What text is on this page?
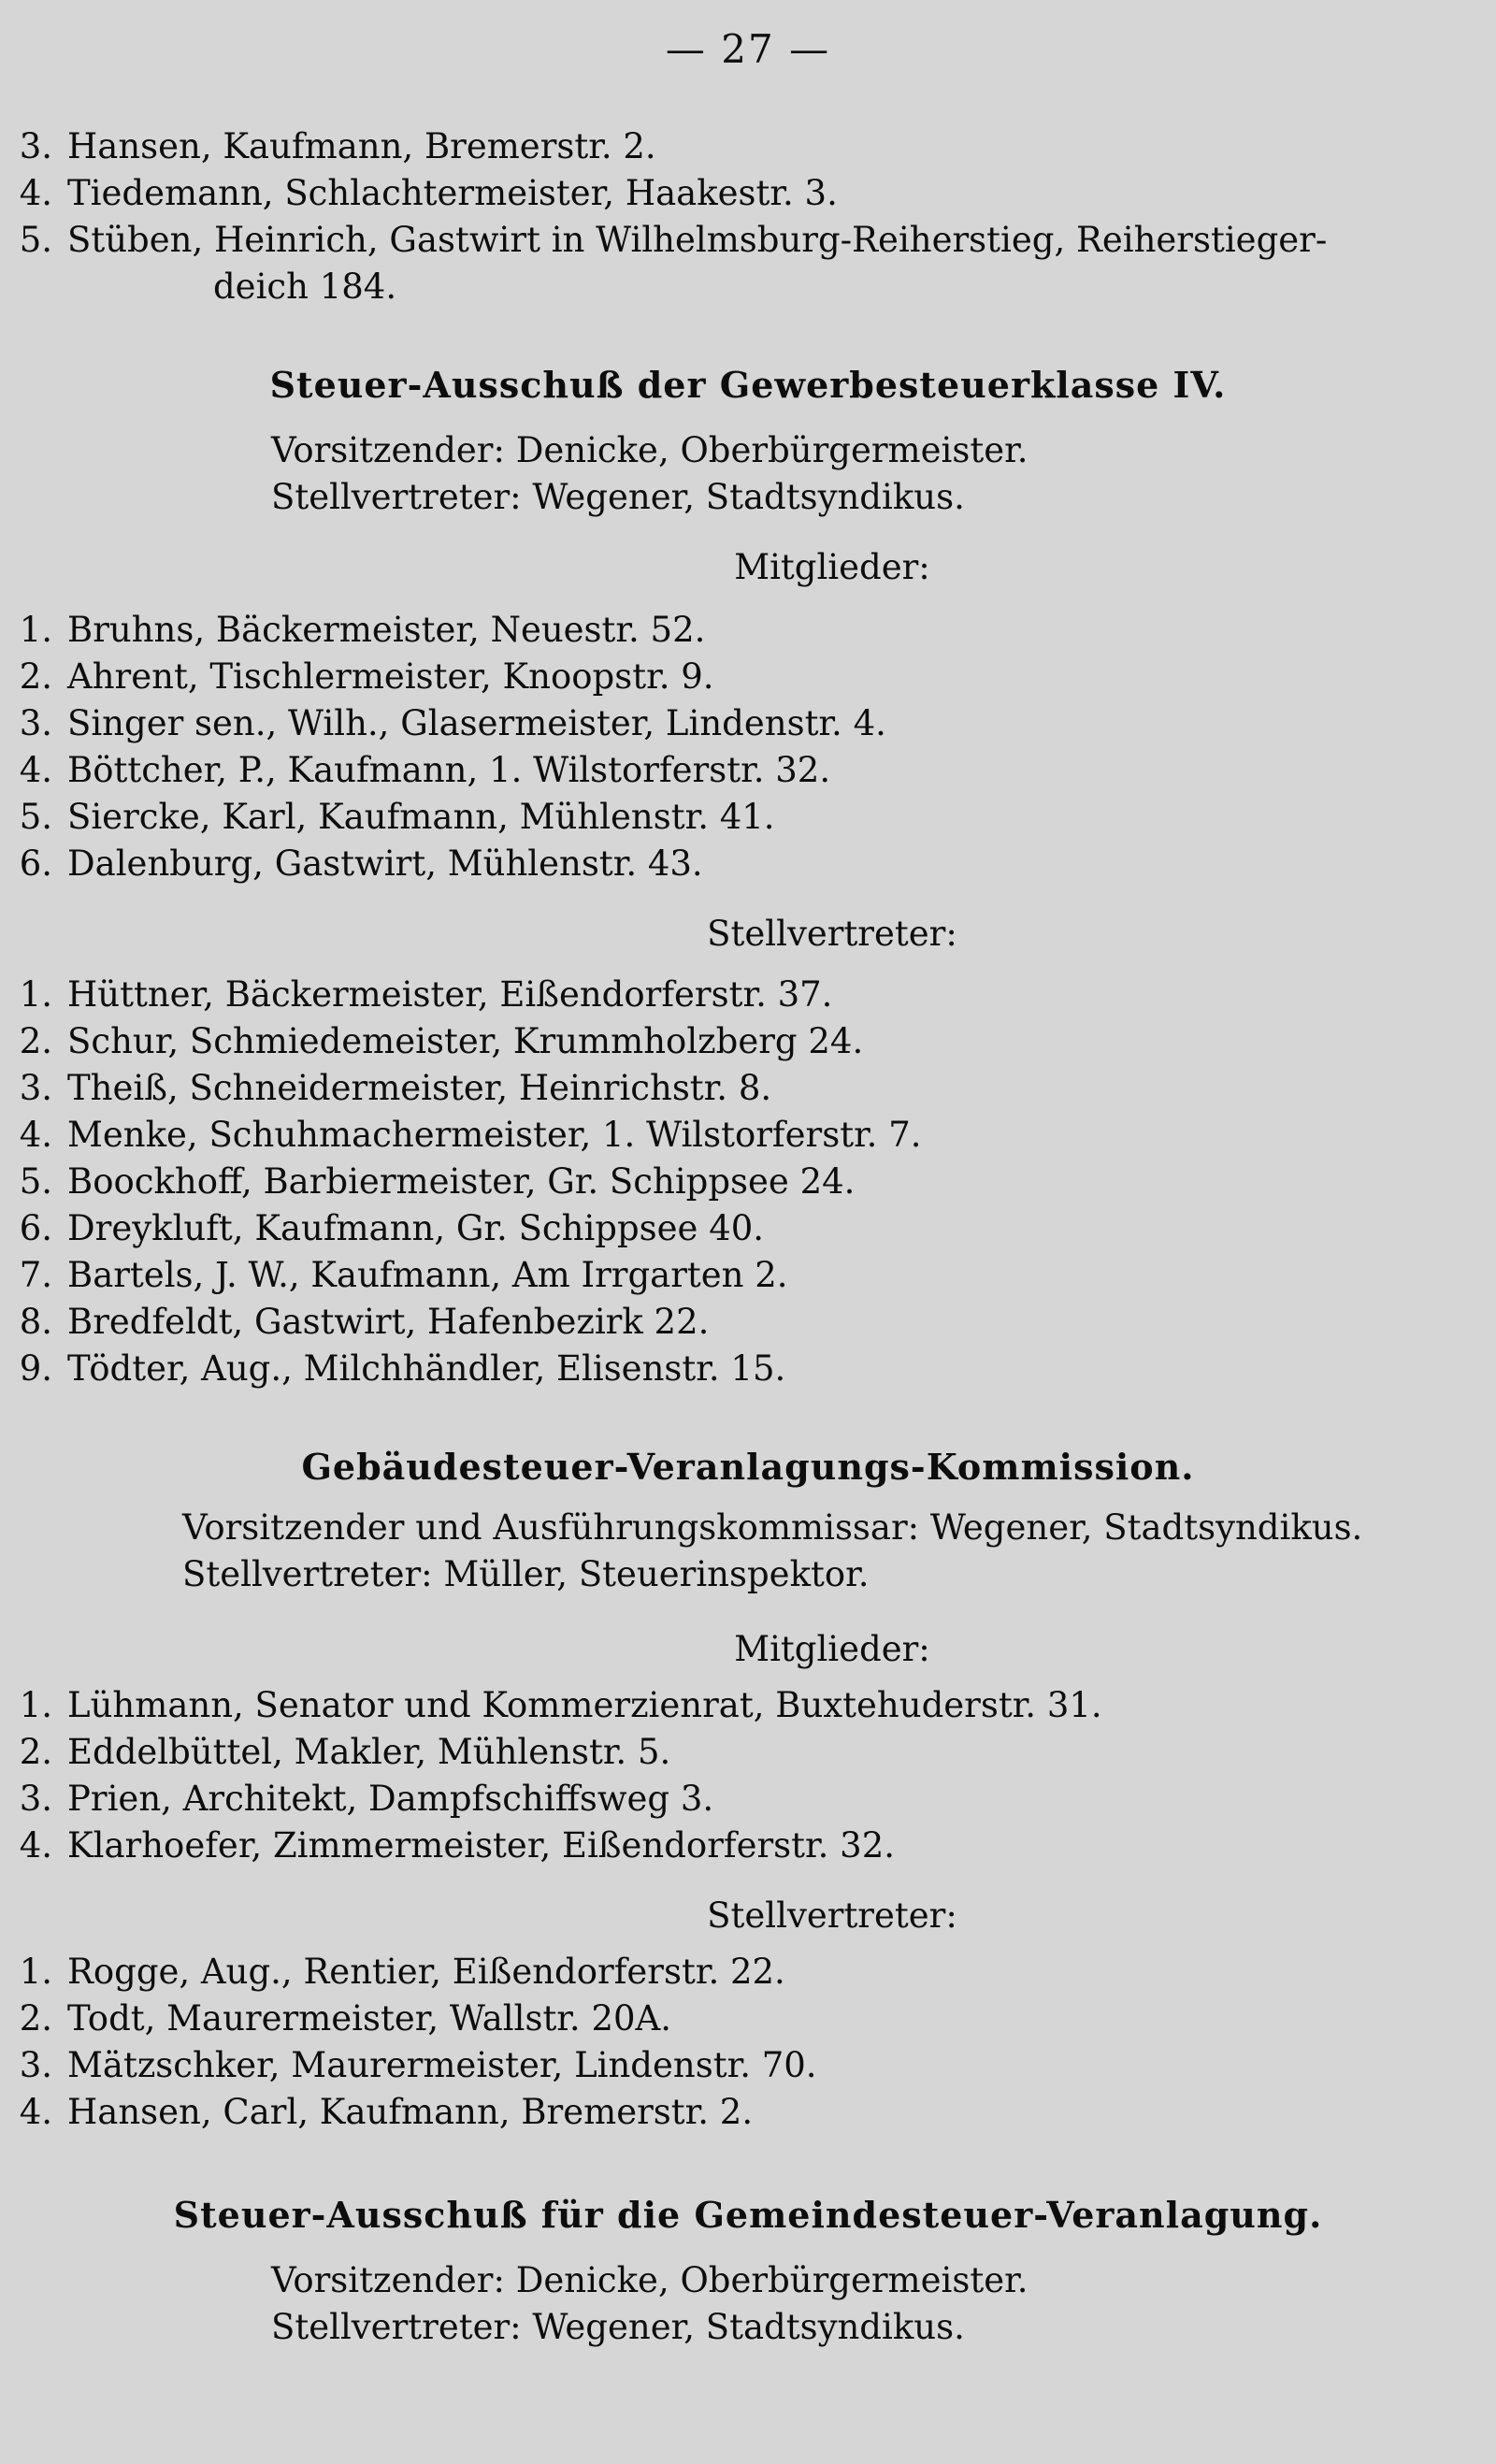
— 27 —
3. Hansen, Kaufmann, Bremerstr. 2.
4. Tiedemann, Schlachtermeister, Haakestr. 3.
5. Stüben, Heinrich, Gastwirt in Wilhelmsburg-Reiherstieg, Reiherstieger-
deich 184.
Steuer-Ausschuß der Gewerbesteuerklasse IV.
Vorsitzender: Denicke, Oberbürgermeister.
Stellvertreter: Wegener, Stadtsyndikus.
Mitglieder:
1. Bruhns, Bäckermeister, Neuestr. 52.
2. Ahrent, Tischlermeister, Knoopstr. 9.
3. Singer sen., Wilh., Glasermeister, Lindenstr. 4.
4. Böttcher, P., Kaufmann, 1. Wilstorferstr. 32.
5. Siercke, Karl, Kaufmann, Mühlenstr. 41.
6. Dalenburg, Gastwirt, Mühlenstr. 43.
Stellvertreter:
1. Hüttner, Bäckermeister, Eißendorferstr. 37.
2. Schur, Schmiedemeister, Krummholzberg 24.
3. Theiß, Schneidermeister, Heinrichstr. 8.
4. Menke, Schuhmachermeister, 1. Wilstorferstr. 7.
5. Boockhoff, Barbiermeister, Gr. Schippsee 24.
6. Dreykluft, Kaufmann, Gr. Schippsee 40.
7. Bartels, J. W., Kaufmann, Am Irrgarten 2.
8. Bredfeldt, Gastwirt, Hafenbezirk 22.
9. Tödter, Aug., Milchhändler, Elisenstr. 15.
Gebäudesteuer-Veranlagungs-Kommission.
Vorsitzender und Ausführungskommissar: Wegener, Stadtsyndikus.
Stellvertreter: Müller, Steuerinspektor.
Mitglieder:
1. Lühmann, Senator und Kommerzienrat, Buxtehuderstr. 31.
2. Eddelbüttel, Makler, Mühlenstr. 5.
3. Prien, Architekt, Dampfschiffsweg 3.
4. Klarhoefer, Zimmermeister, Eißendorferstr. 32.
Stellvertreter:
1. Rogge, Aug., Rentier, Eißendorferstr. 22.
2. Todt, Maurermeister, Wallstr. 20A.
3. Mätzschker, Maurermeister, Lindenstr. 70.
4. Hansen, Carl, Kaufmann, Bremerstr. 2.
Steuer-Ausschuß für die Gemeindesteuer-Veranlagung.
Vorsitzender: Denicke, Oberbürgermeister.
Stellvertreter: Wegener, Stadtsyndikus.
